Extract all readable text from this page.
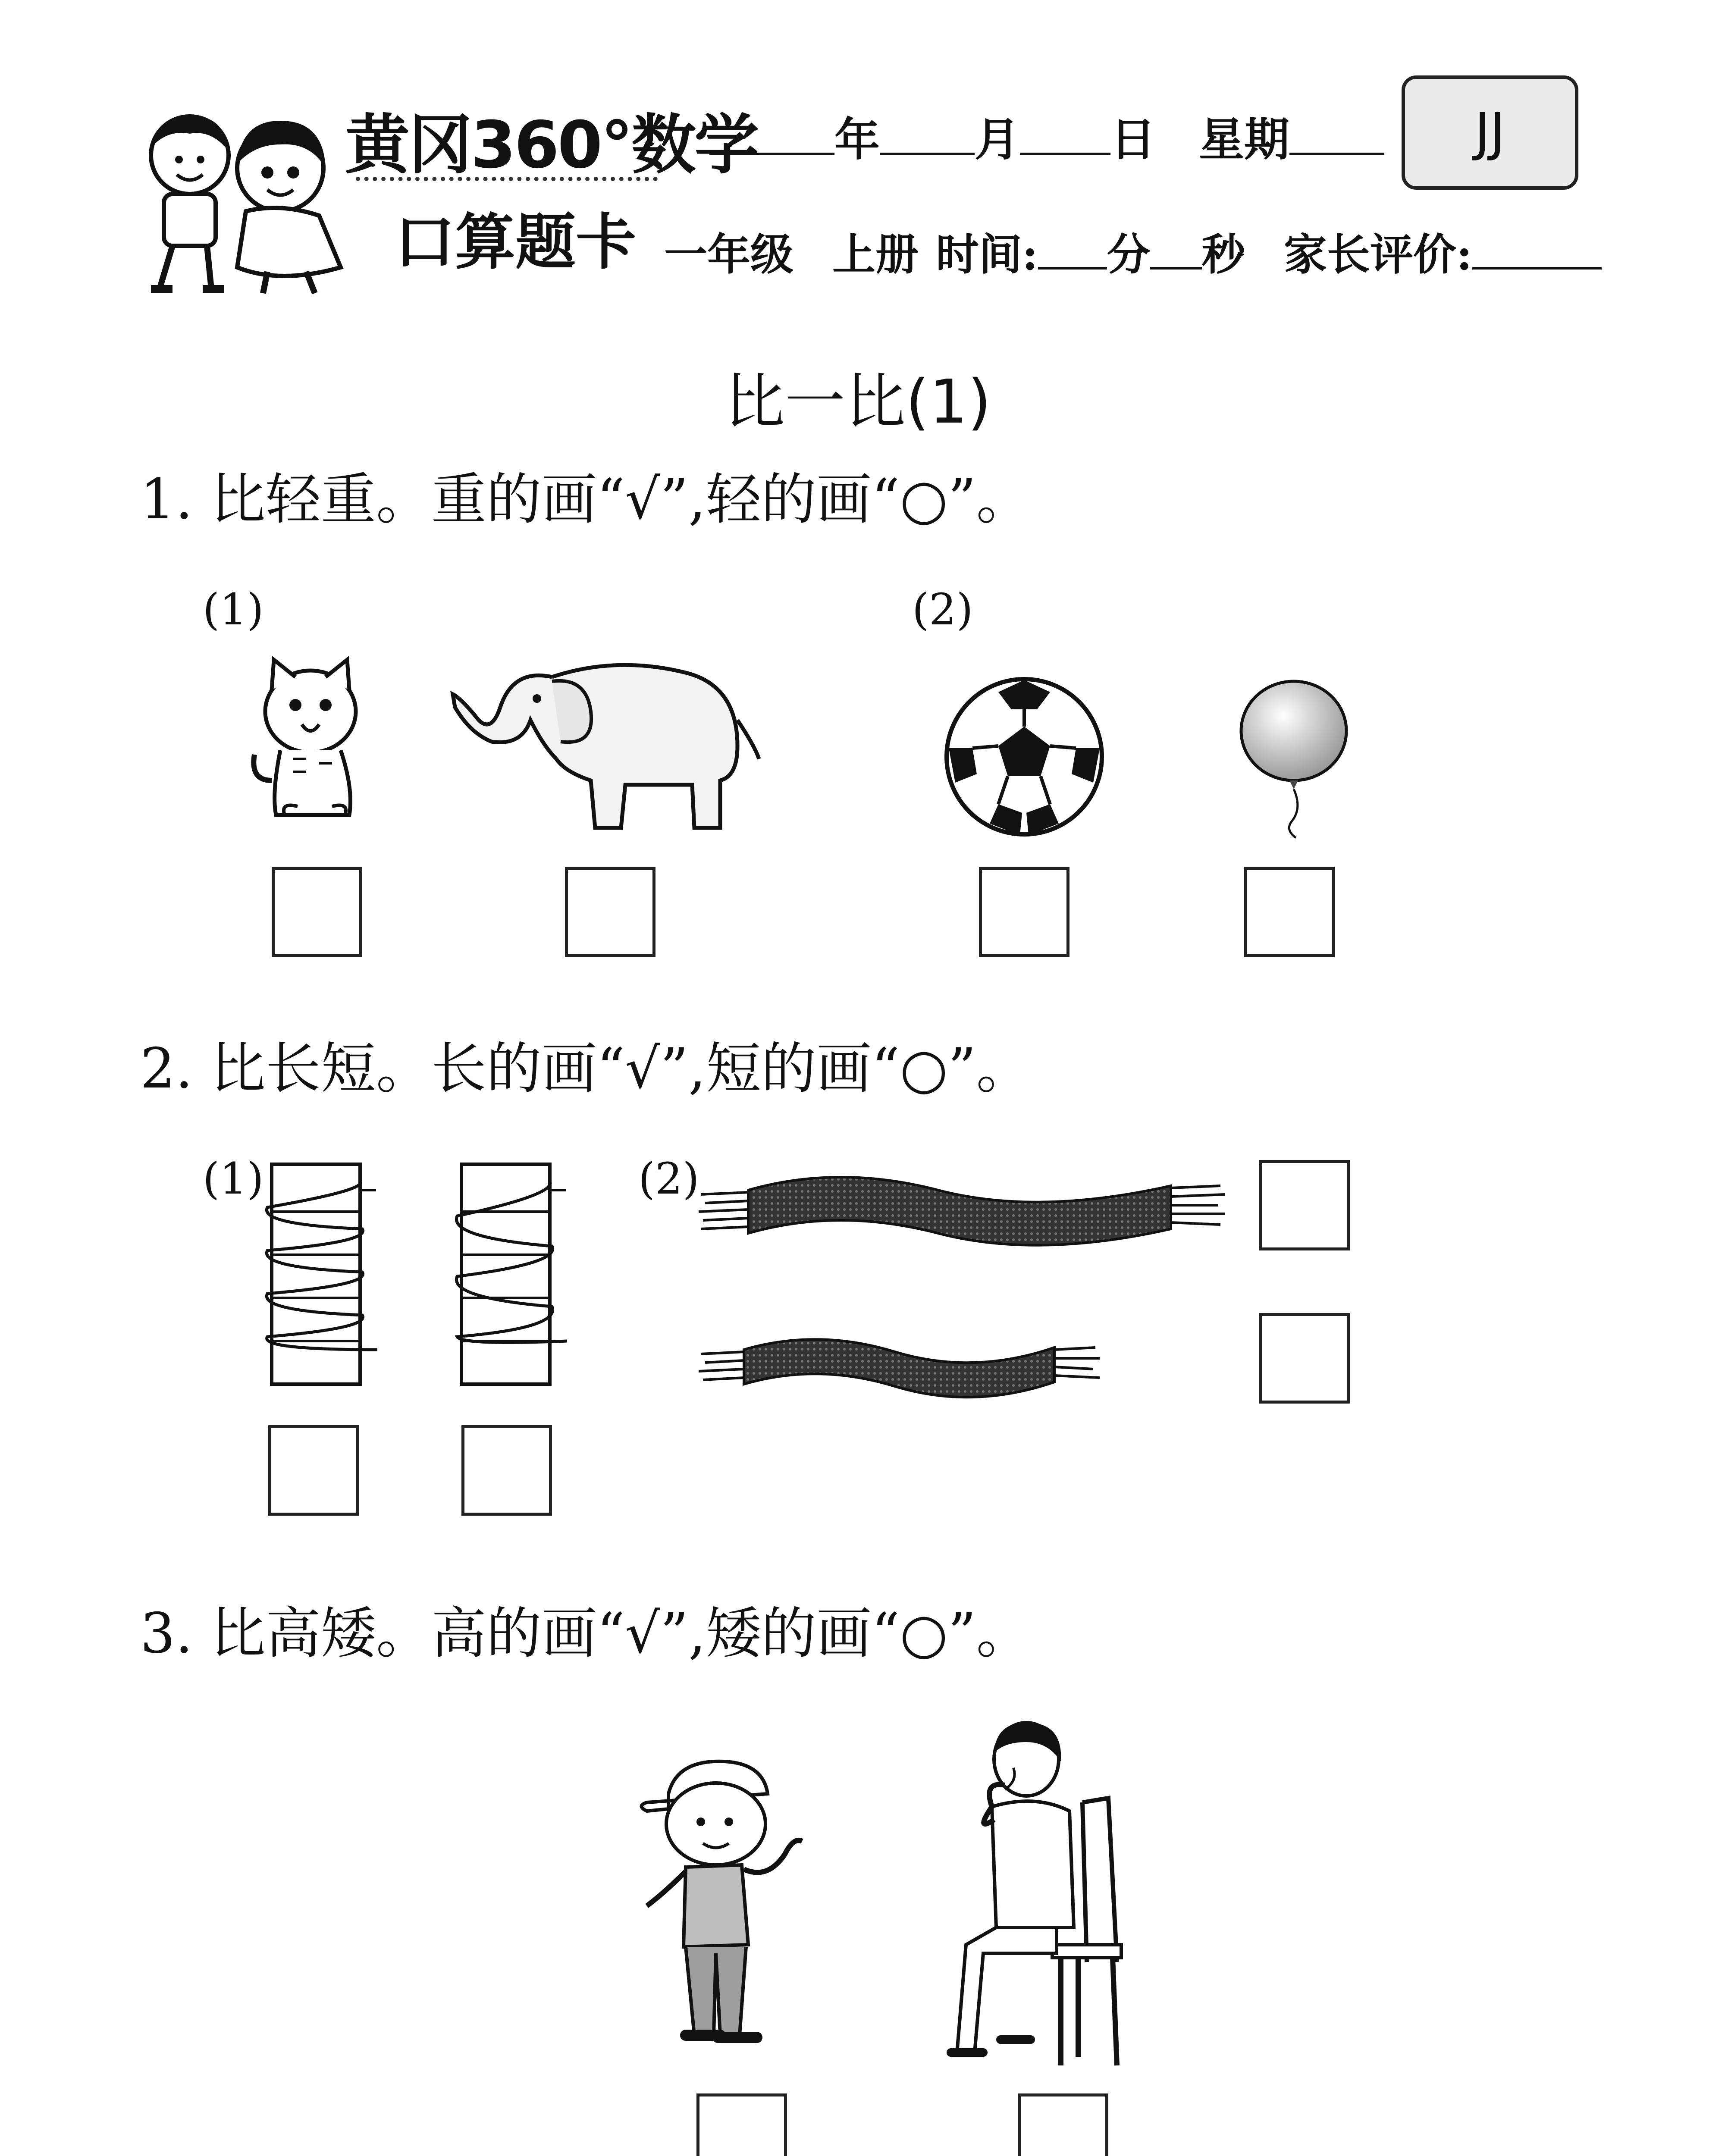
黄冈360°数学
口算题卡
年 月 日 星期	JJ
一年级 上册 时间: 分 秒 家长评价:
比一比(1)
1. 比轻重。重的画“√”,轻的画“○”。
(1)	(2)
2. 比长短。长的画“√”,短的画“○”。
(1)	(2)
3. 比高矮。高的画“√”,矮的画“○”。
